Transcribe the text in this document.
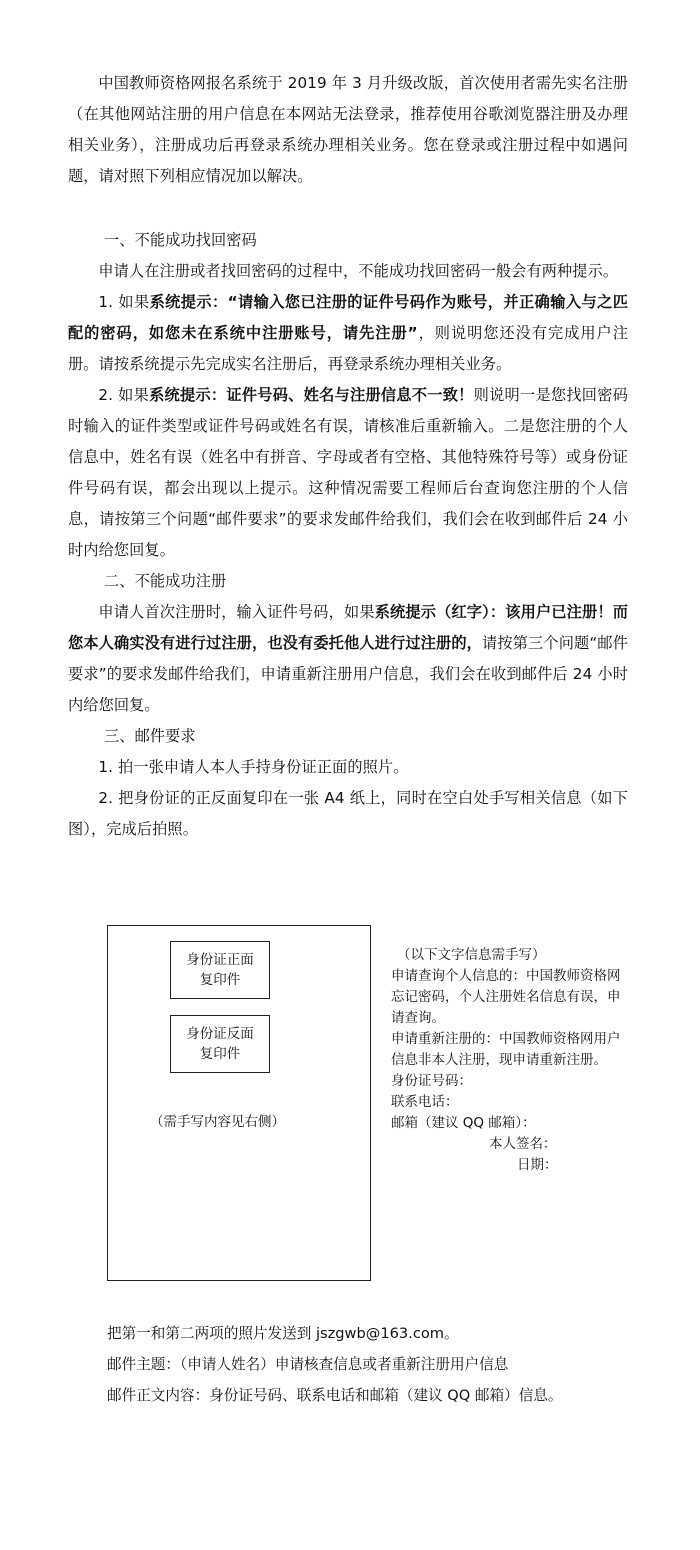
中国教师资格网报名系统于 2019 年 3 月升级改版，首次使用者需先实名注册（在其他网站注册的用户信息在本网站无法登录，推荐使用谷歌浏览器注册及办理相关业务），注册成功后再登录系统办理相关业务。您在登录或注册过程中如遇问题，请对照下列相应情况加以解决。

一、不能成功找回密码

申请人在注册或者找回密码的过程中，不能成功找回密码一般会有两种提示。

1. 如果系统提示：“请输入您已注册的证件号码作为账号，并正确输入与之匹配的密码，如您未在系统中注册账号，请先注册”，则说明您还没有完成用户注册。请按系统提示先完成实名注册后，再登录系统办理相关业务。

2. 如果系统提示：证件号码、姓名与注册信息不一致！则说明一是您找回密码时输入的证件类型或证件号码或姓名有误，请核准后重新输入。二是您注册的个人信息中，姓名有误（姓名中有拼音、字母或者有空格、其他特殊符号等）或身份证件号码有误，都会出现以上提示。这种情况需要工程师后台查询您注册的个人信息，请按第三个问题“邮件要求”的要求发邮件给我们，我们会在收到邮件后 24 小时内给您回复。

二、不能成功注册

申请人首次注册时，输入证件号码，如果系统提示（红字）：该用户已注册！而您本人确实没有进行过注册，也没有委托他人进行过注册的，请按第三个问题“邮件要求”的要求发邮件给我们，申请重新注册用户信息，我们会在收到邮件后 24 小时内给您回复。

三、邮件要求

1. 拍一张申请人本人手持身份证正面的照片。

2. 把身份证的正反面复印在一张 A4 纸上，同时在空白处手写相关信息（如下图），完成后拍照。

身份证正面
复印件
身份证反面
复印件
（需手写内容见右侧）

（以下文字信息需手写）

申请查询个人信息的：中国教师资格网忘记密码，个人注册姓名信息有误，申请查询。

申请重新注册的：中国教师资格网用户信息非本人注册，现申请重新注册。

身份证号码：

联系电话：

邮箱（建议 QQ 邮箱）：

本人签名：

日期：

把第一和第二两项的照片发送到 jszgwb@163.com。

邮件主题：（申请人姓名）申请核查信息或者重新注册用户信息

邮件正文内容：身份证号码、联系电话和邮箱（建议 QQ 邮箱）信息。
